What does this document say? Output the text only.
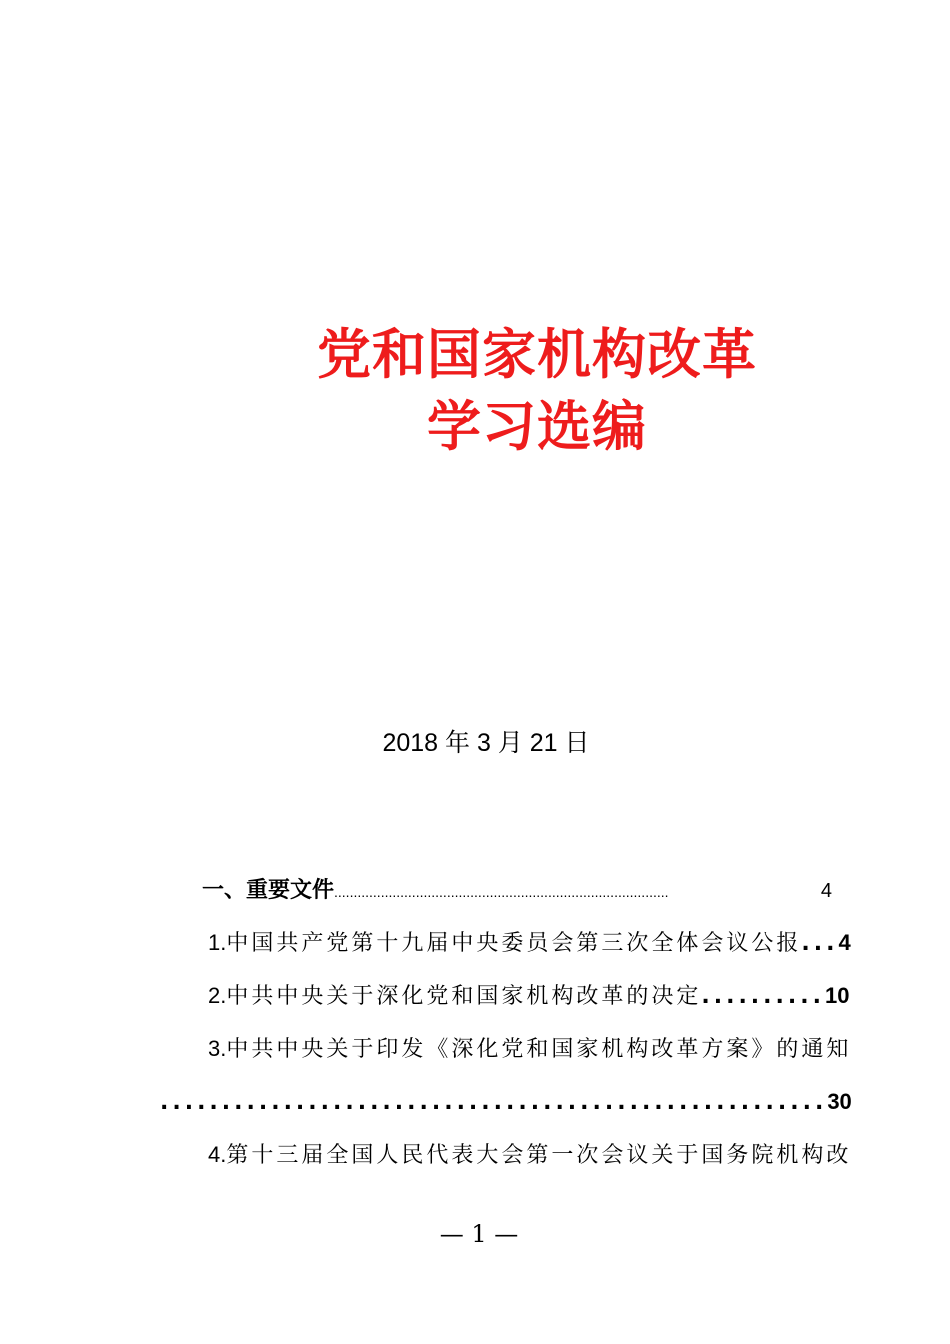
党和国家机构改革
学习选编
2018 年 3 月 21 日
一、重要文件 ......................................................................................	4
1.中国共产党第十九届中央委员会第三次全体会议公报 ... 4
2.中共中央关于深化党和国家机构改革的决定 .......... 10
3.中共中央关于印发《深化党和国家机构改革方案》的通知
...................................................... 30
4.第十三届全国人民代表大会第一次会议关于国务院机构改
— 1 —
